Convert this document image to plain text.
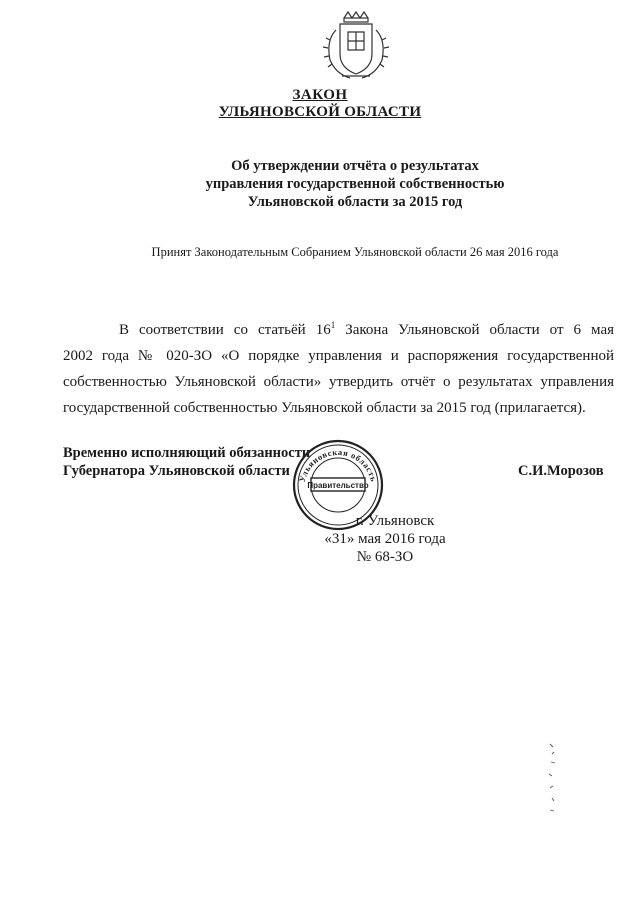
ЗАКОН
УЛЬЯНОВСКОЙ ОБЛАСТИ
Об утверждении отчёта о результатах
управления государственной собственностью
Ульяновской области за 2015 год
Принят Законодательным Собранием Ульяновской области 26 мая 2016 года
В соответствии со статьёй $16^1$ Закона Ульяновской области от 6 мая
2002 года № 020-ЗО «О порядке управления и распоряжения государственной
собственностью Ульяновской области» утвердить отчёт о результатах управления
государственной собственностью Ульяновской области за 2015 год (прилагается).
Временно исполняющий обязанности
Губернатора Ульяновской области	С.И.Морозов
Ульяновская область
Правительство
г. Ульяновск
«31» мая 2016 года
№ 68-ЗО
